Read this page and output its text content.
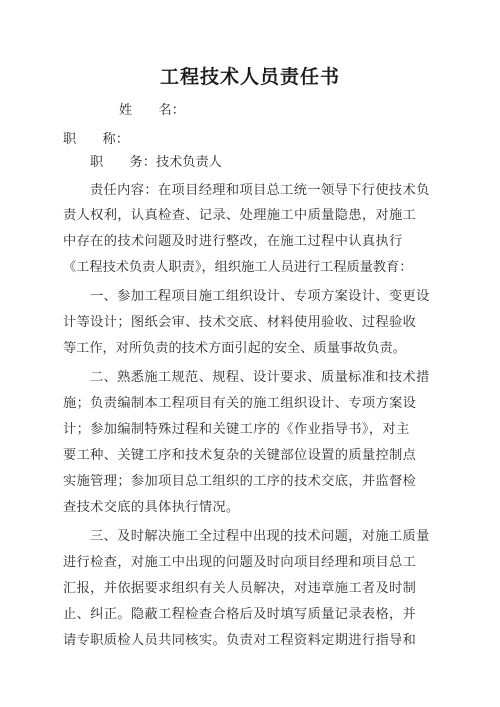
工程技术人员责任书
姓　　名：
职　　称：
职　　务：技术负责人
责任内容：在项目经理和项目总工统一领导下行使技术负
责人权利，认真检查、记录、处理施工中质量隐患，对施工
中存在的技术问题及时进行整改，在施工过程中认真执行
《工程技术负责人职责》，组织施工人员进行工程质量教育：
一、参加工程项目施工组织设计、专项方案设计、变更设
计等设计；图纸会审、技术交底、材料使用验收、过程验收
等工作，对所负责的技术方面引起的安全、质量事故负责。
二、熟悉施工规范、规程、设计要求、质量标准和技术措
施；负责编制本工程项目有关的施工组织设计、专项方案设
计；参加编制特殊过程和关键工序的《作业指导书》，对主
要工种、关键工序和技术复杂的关键部位设置的质量控制点
实施管理；参加项目总工组织的工序的技术交底，并监督检
查技术交底的具体执行情况。
三、及时解决施工全过程中出现的技术问题，对施工质量
进行检查，对施工中出现的问题及时向项目经理和项目总工
汇报，并依据要求组织有关人员解决，对违章施工者及时制
止、纠正。隐蔽工程检查合格后及时填写质量记录表格，并
请专职质检人员共同核实。负责对工程资料定期进行指导和
